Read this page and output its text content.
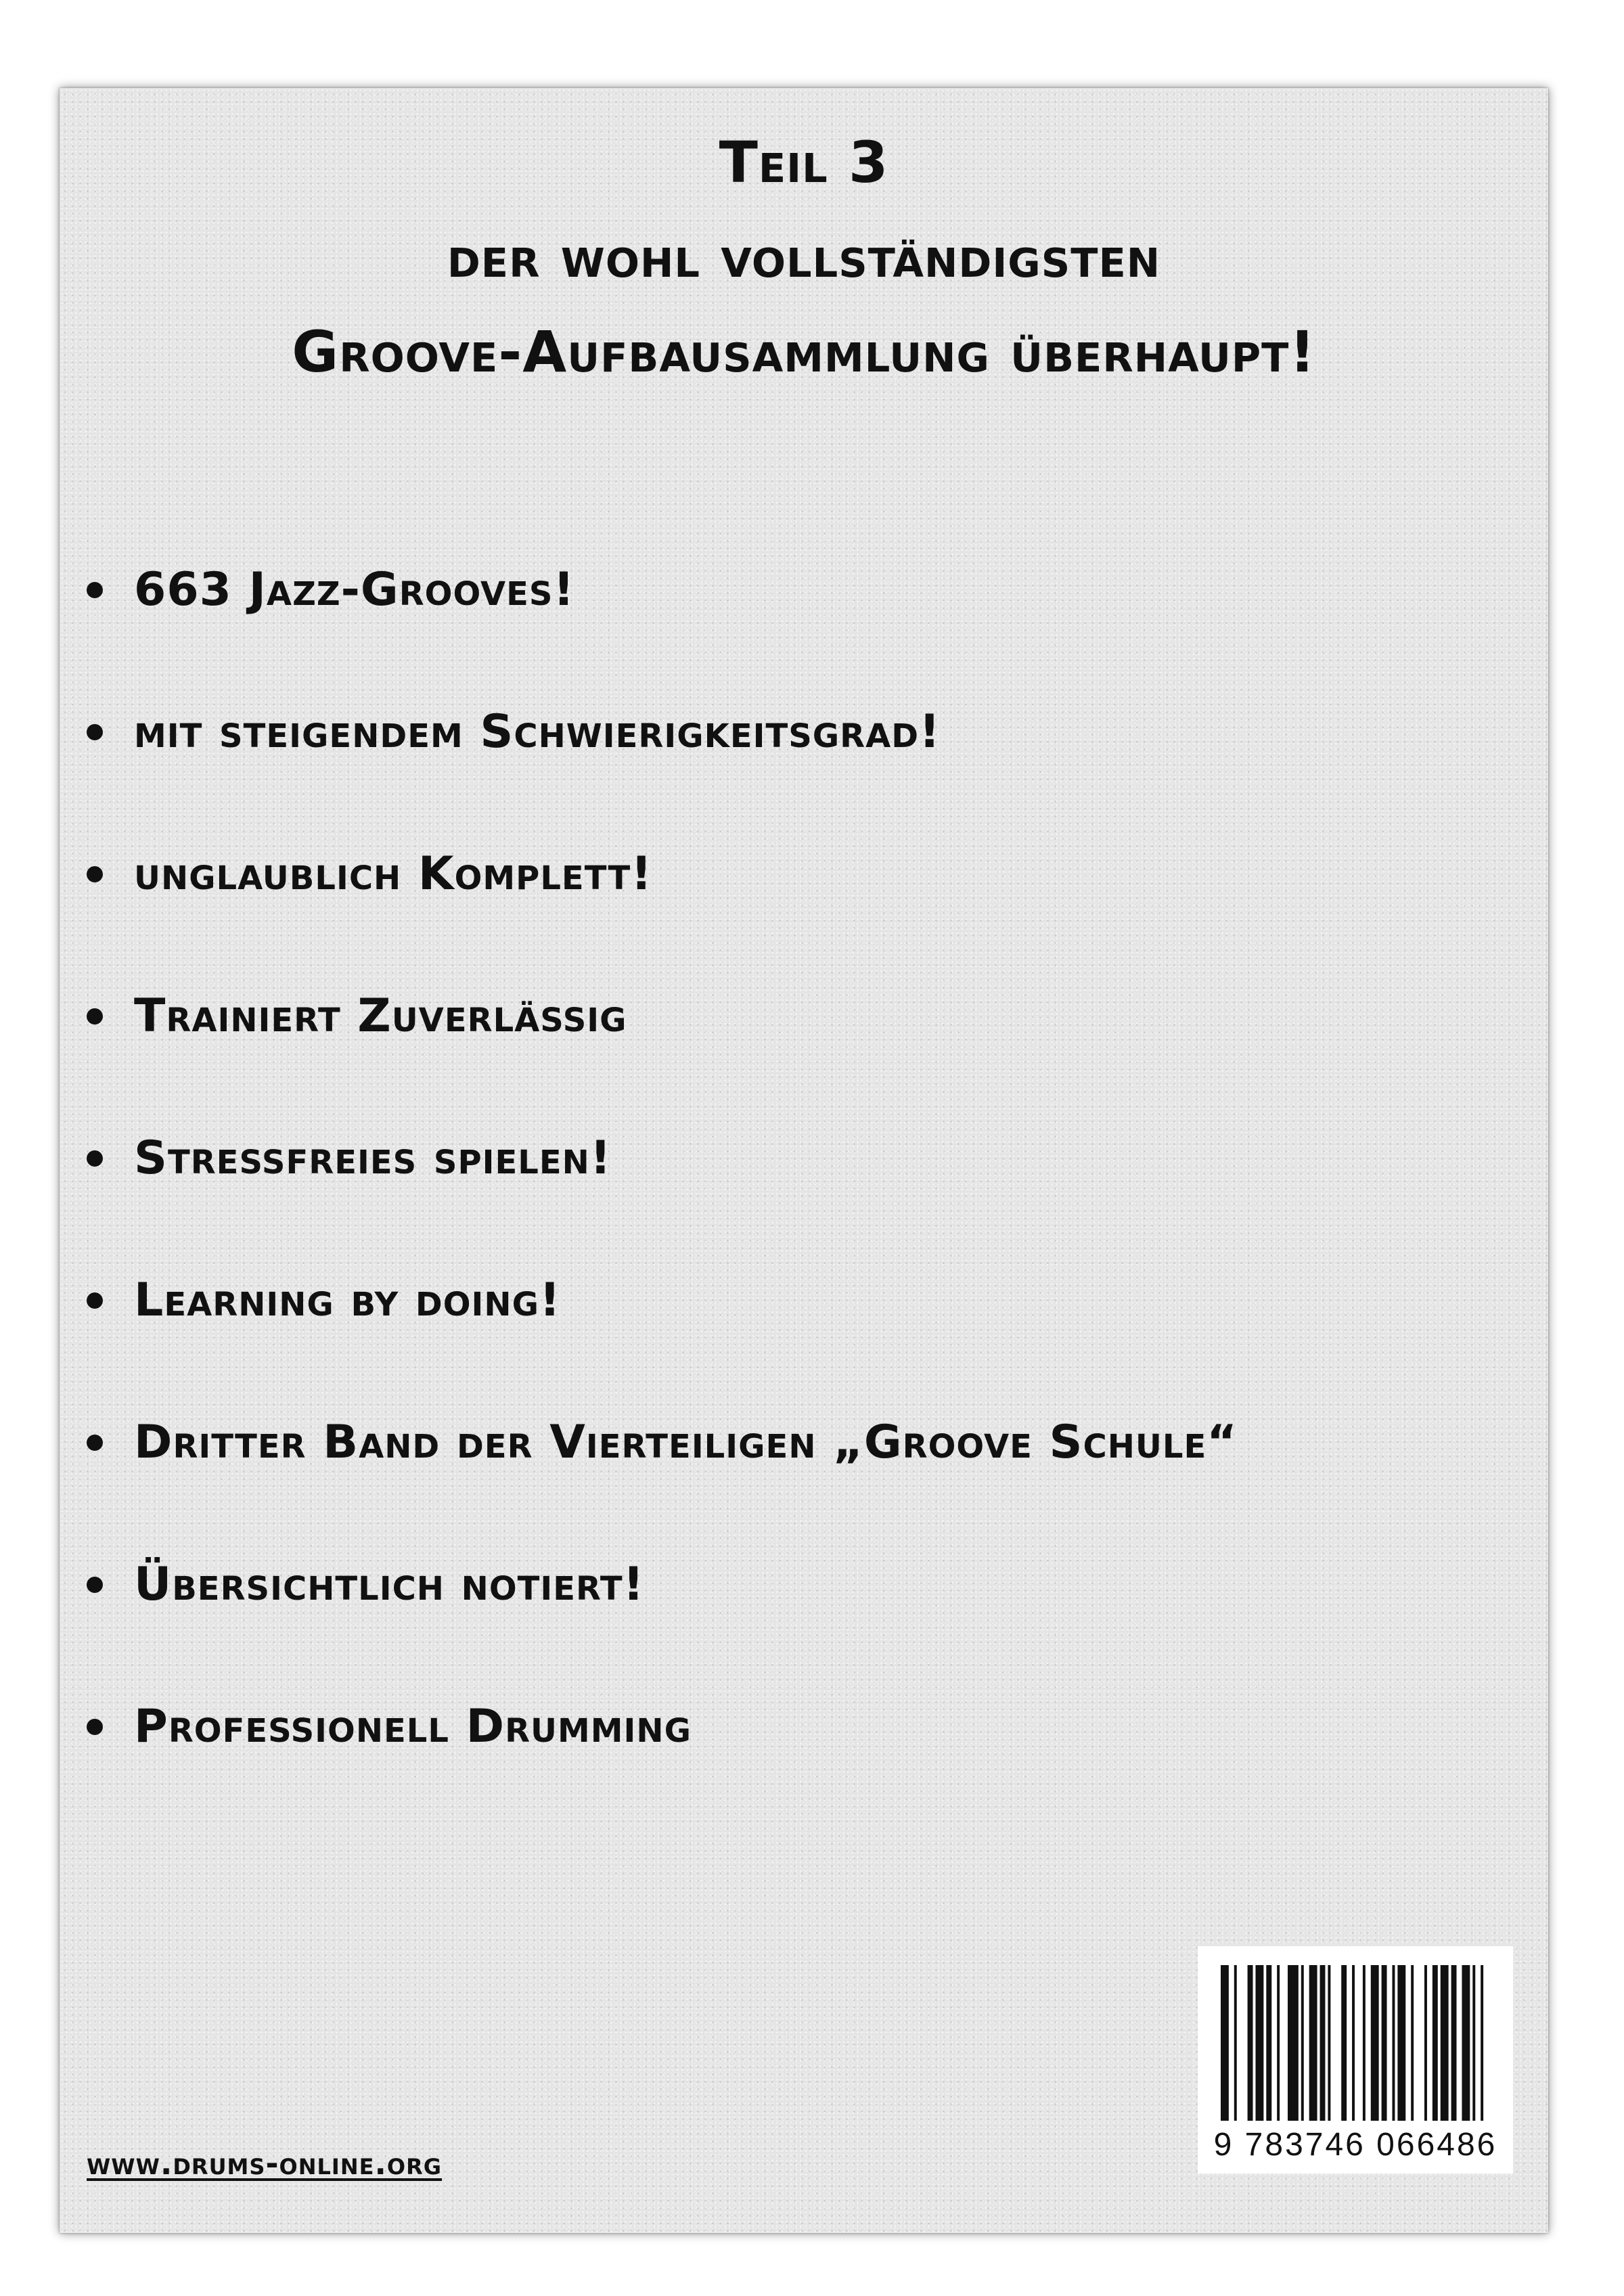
Teil 3
der wohl vollständigsten
Groove-Aufbausammlung überhaupt!
663 Jazz-Grooves!
mit steigendem Schwierigkeitsgrad!
unglaublich Komplett!
Trainiert Zuverlässig
Stressfreies spielen!
Learning by doing!
Dritter Band der Vierteiligen „Groove Schule“
Übersichtlich notiert!
Professionell Drumming
www.drums-online.org
9 783746 066486
